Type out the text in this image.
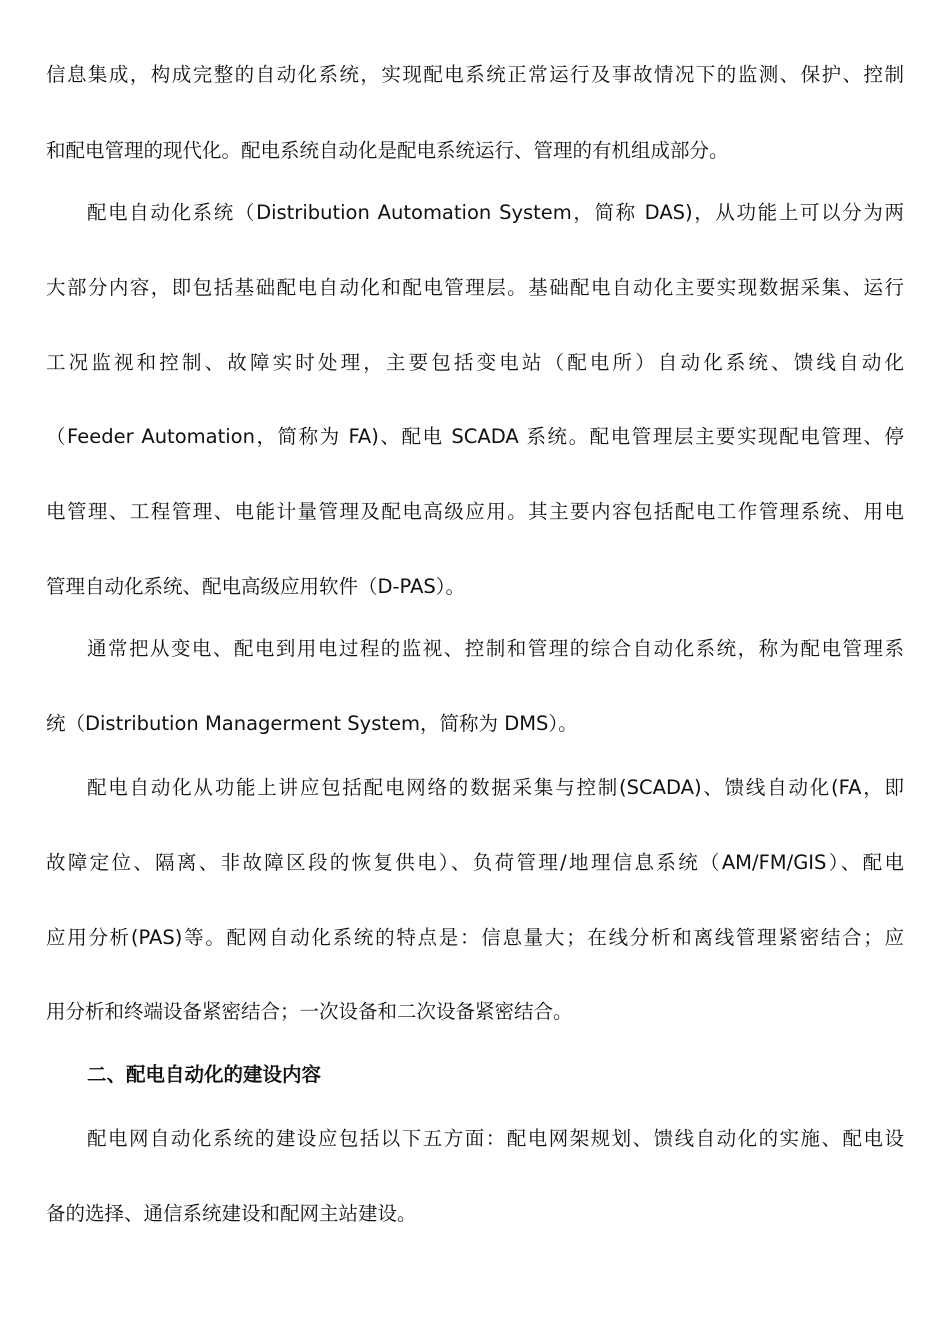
信息集成，构成完整的自动化系统，实现配电系统正常运行及事故情况下的监测、保护、控制
和配电管理的现代化。配电系统自动化是配电系统运行、管理的有机组成部分。
配电自动化系统（Distribution Automation System，简称 DAS)，从功能上可以分为两
大部分内容，即包括基础配电自动化和配电管理层。基础配电自动化主要实现数据采集、运行
工况监视和控制、故障实时处理，主要包括变电站（配电所）自动化系统、馈线自动化
（Feeder Automation，简称为 FA)、配电 SCADA 系统。配电管理层主要实现配电管理、停
电管理、工程管理、电能计量管理及配电高级应用。其主要内容包括配电工作管理系统、用电
管理自动化系统、配电高级应用软件（D-PAS）。
通常把从变电、配电到用电过程的监视、控制和管理的综合自动化系统，称为配电管理系
统（Distribution Managerment System，简称为 DMS）。
配电自动化从功能上讲应包括配电网络的数据采集与控制(SCADA)、馈线自动化(FA，即
故障定位、隔离、非故障区段的恢复供电）、负荷管理/地理信息系统（AM/FM/GIS）、配电
应用分析(PAS)等。配网自动化系统的特点是：信息量大；在线分析和离线管理紧密结合；应
用分析和终端设备紧密结合；一次设备和二次设备紧密结合。
二、配电自动化的建设内容
配电网自动化系统的建设应包括以下五方面：配电网架规划、馈线自动化的实施、配电设
备的选择、通信系统建设和配网主站建设。
